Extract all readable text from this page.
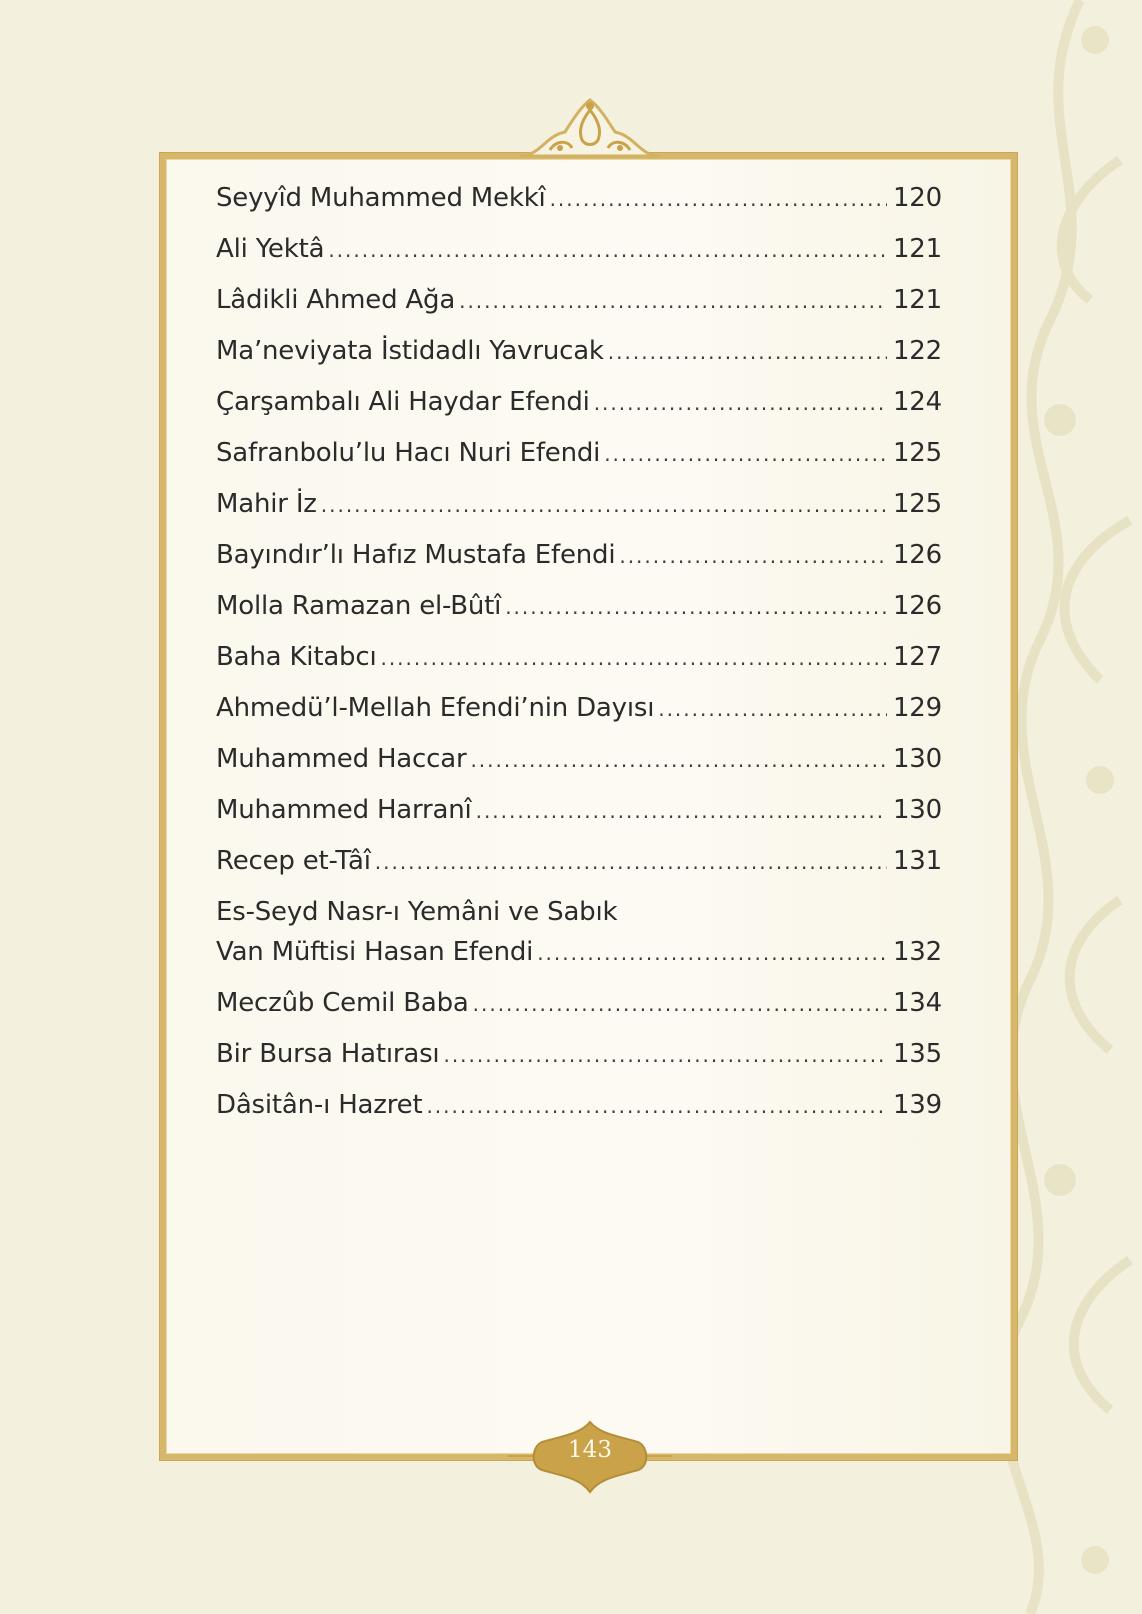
Seyyîd Muhammed Mekkî .....	120
Ali Yektâ .....	121
Lâdikli Ahmed Ağa .....	121
Ma’neviyata İstidadlı Yavrucak .....	122
Çarşambalı Ali Haydar Efendi .....	124
Safranbolu’lu Hacı Nuri Efendi .....	125
Mahir İz .....	125
Bayındır’lı Hafız Mustafa Efendi .....	126
Molla Ramazan el-Bûtî .....	126
Baha Kitabcı .....	127
Ahmedü’l-Mellah Efendi’nin Dayısı .....	129
Muhammed Haccar .....	130
Muhammed Harranî .....	130
Recep et-Tâî .....	131
Es-Seyd Nasr-ı Yemâni ve Sabık
Van Müftisi Hasan Efendi .....	132
Meczûb Cemil Baba .....	134
Bir Bursa Hatırası .....	135
Dâsitân-ı Hazret .....	139
143
